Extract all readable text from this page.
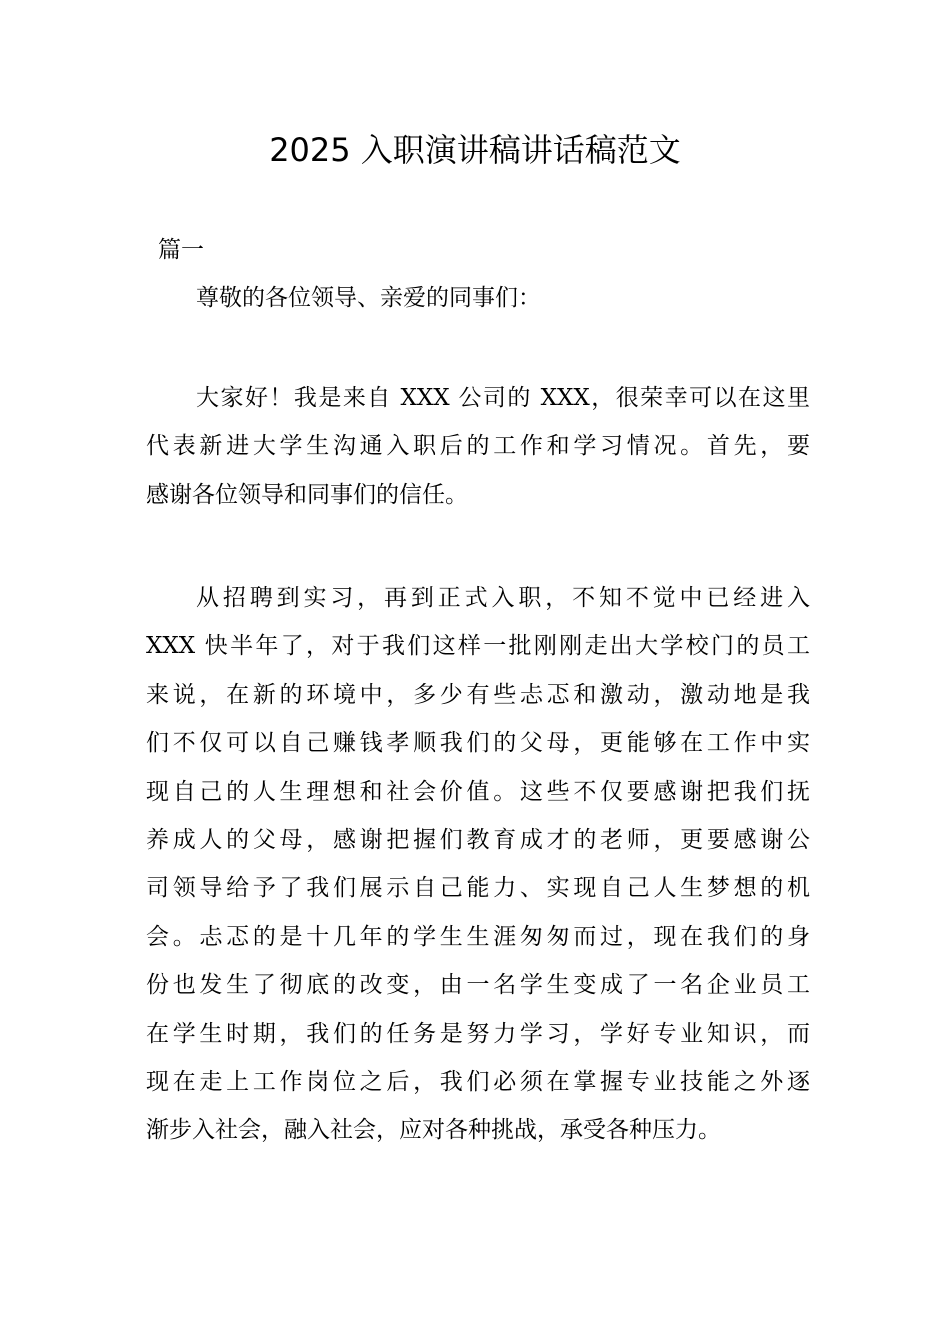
2025 入职演讲稿讲话稿范文

篇一

尊敬的各位领导、亲爱的同事们：

大家好！我是来自 XXX 公司的 XXX，很荣幸可以在这里
代表新进大学生沟通入职后的工作和学习情况。首先，要
感谢各位领导和同事们的信任。

从招聘到实习，再到正式入职，不知不觉中已经进入
XXX 快半年了，对于我们这样一批刚刚走出大学校门的员工
来说，在新的环境中，多少有些忐忑和激动，激动地是我
们不仅可以自己赚钱孝顺我们的父母，更能够在工作中实
现自己的人生理想和社会价值。这些不仅要感谢把我们抚
养成人的父母，感谢把握们教育成才的老师，更要感谢公
司领导给予了我们展示自己能力、实现自己人生梦想的机
会。忐忑的是十几年的学生生涯匆匆而过，现在我们的身
份也发生了彻底的改变，由一名学生变成了一名企业员工
在学生时期，我们的任务是努力学习，学好专业知识，而
现在走上工作岗位之后，我们必须在掌握专业技能之外逐
渐步入社会，融入社会，应对各种挑战，承受各种压力。
